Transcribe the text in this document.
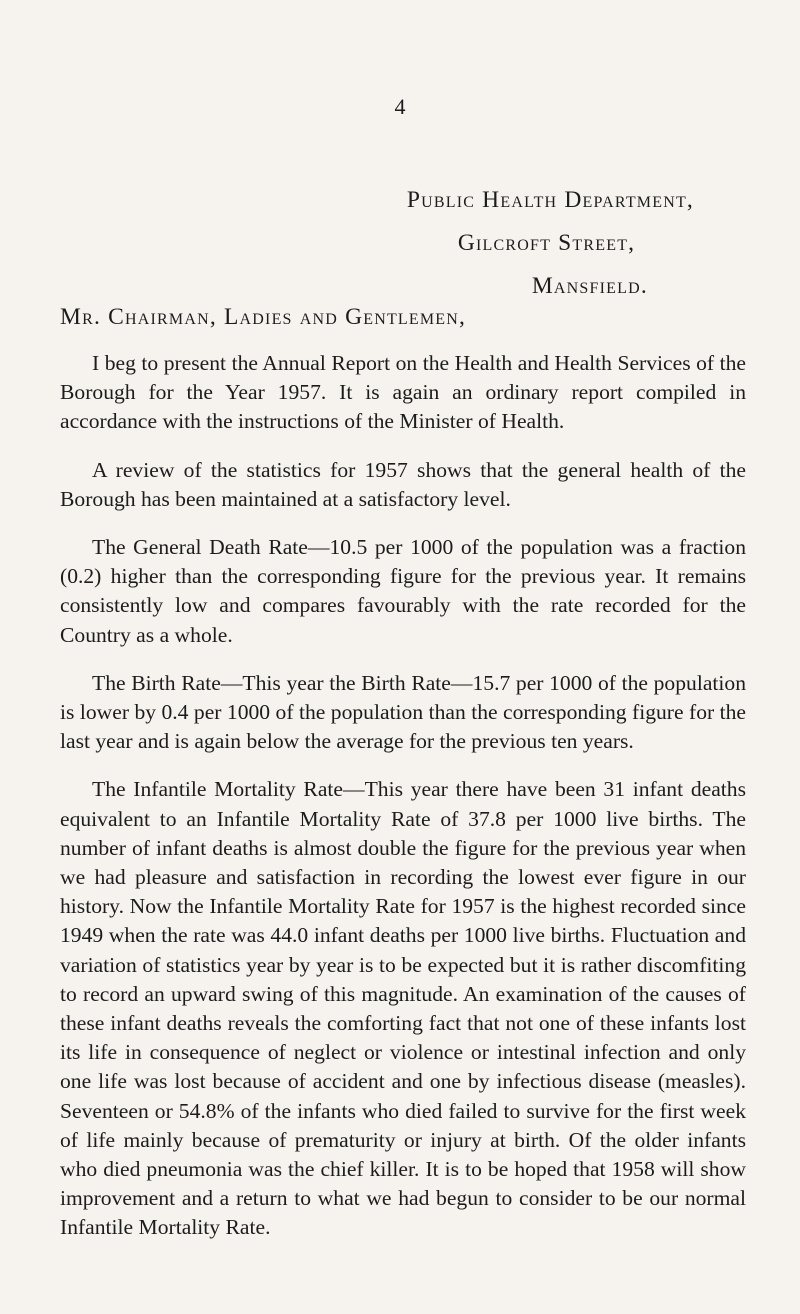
4
Public Health Department,
Gilcroft Street,
Mansfield.
Mr. Chairman, Ladies and Gentlemen,

I beg to present the Annual Report on the Health and Health Services of the Borough for the Year 1957. It is again an ordinary report compiled in accordance with the instructions of the Minister of Health.

A review of the statistics for 1957 shows that the general health of the Borough has been maintained at a satisfactory level.

The General Death Rate—10.5 per 1000 of the population was a fraction (0.2) higher than the corresponding figure for the previous year. It remains consistently low and compares favourably with the rate recorded for the Country as a whole.

The Birth Rate—This year the Birth Rate—15.7 per 1000 of the population is lower by 0.4 per 1000 of the population than the corresponding figure for the last year and is again below the average for the previous ten years.

The Infantile Mortality Rate—This year there have been 31 infant deaths equivalent to an Infantile Mortality Rate of 37.8 per 1000 live births. The number of infant deaths is almost double the figure for the previous year when we had pleasure and satisfaction in recording the lowest ever figure in our history. Now the Infantile Mortality Rate for 1957 is the highest recorded since 1949 when the rate was 44.0 infant deaths per 1000 live births. Fluctuation and variation of statistics year by year is to be expected but it is rather discomfiting to record an upward swing of this magnitude. An examination of the causes of these infant deaths reveals the comforting fact that not one of these infants lost its life in consequence of neglect or violence or intestinal infection and only one life was lost because of accident and one by infectious disease (measles). Seventeen or 54.8% of the infants who died failed to survive for the first week of life mainly because of prematurity or injury at birth. Of the older infants who died pneumonia was the chief killer. It is to be hoped that 1958 will show improvement and a return to what we had begun to consider to be our normal Infantile Mortality Rate.
